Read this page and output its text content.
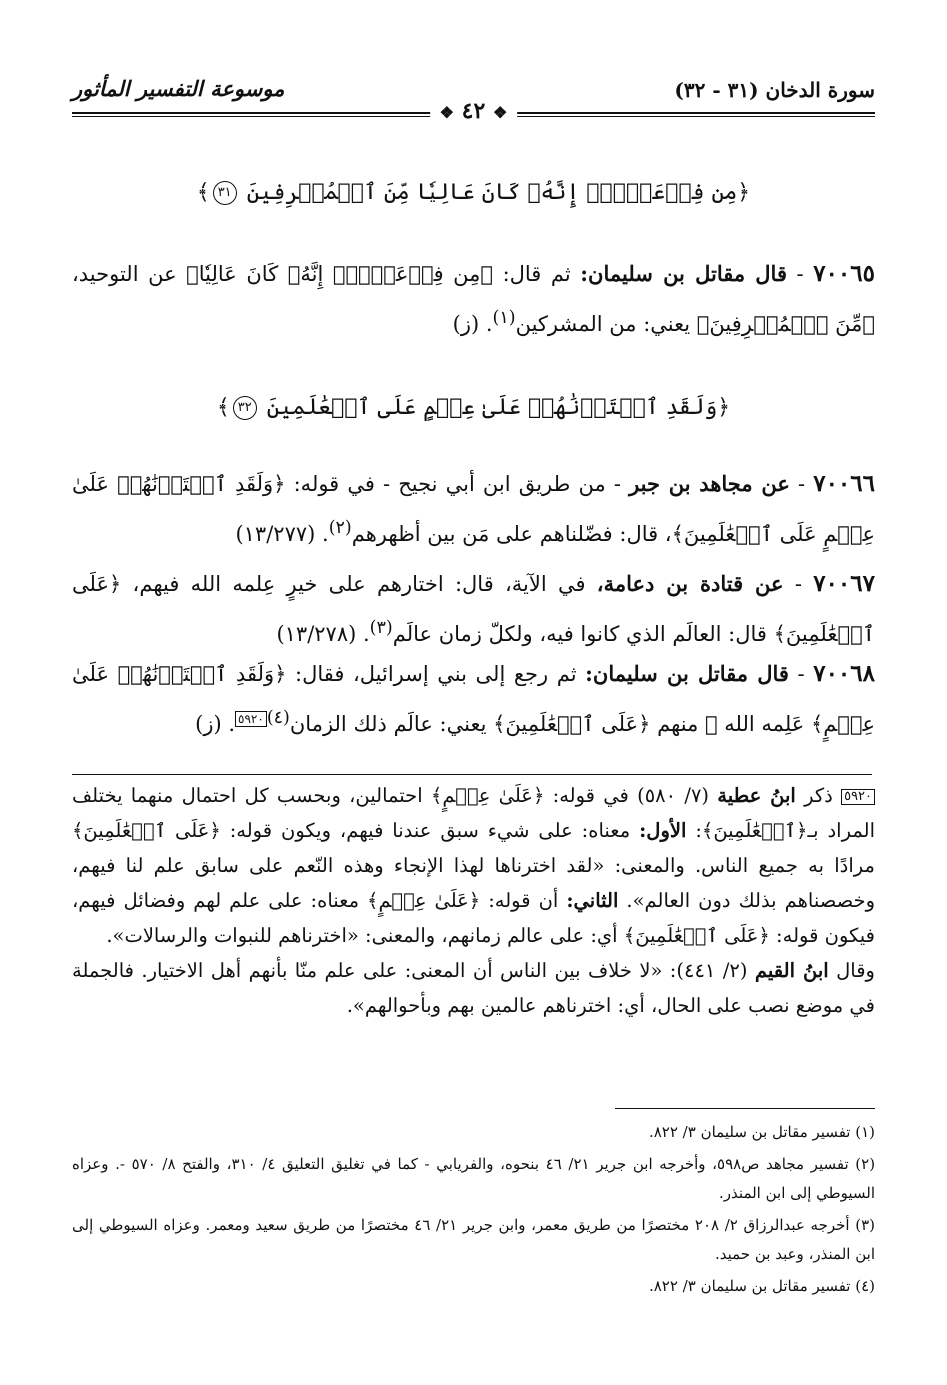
سورة الدخان (٣١ - ٣٢)
موسوعة التفسير المأثور
❖ ٤٢ ❖
﴿مِن فِرۡعَوۡنَۚ إِنَّهُۥ كَانَ عَالِيٗا مِّنَ ٱلۡمُسۡرِفِينَ ٣١﴾
٧٠٠٦٥ - قال مقاتل بن سليمان: ثم قال: ﴿مِن فِرۡعَوۡنَۚ إِنَّهُۥ كَانَ عَالِيٗا﴾ عن التوحيد، ﴿مِّنَ ٱلۡمُسۡرِفِينَ﴾ يعني: من المشركين$^{(١)}$. (ز)
﴿وَلَقَدِ ٱخۡتَرۡنَٰهُمۡ عَلَىٰ عِلۡمٍ عَلَى ٱلۡعَٰلَمِينَ ٣٢﴾
٧٠٠٦٦ - عن مجاهد بن جبر - من طريق ابن أبي نجيح - في قوله: ﴿وَلَقَدِ ٱخۡتَرۡنَٰهُمۡ عَلَىٰ عِلۡمٍ عَلَى ٱلۡعَٰلَمِينَ﴾، قال: فضّلناهم على مَن بين أظهرهم$^{(٢)}$. (١٣/٢٧٧)
٧٠٠٦٧ - عن قتادة بن دعامة، في الآية، قال: اختارهم على خيرٍ عِلمه الله فيهم، ﴿عَلَى ٱلۡعَٰلَمِينَ﴾ قال: العالَم الذي كانوا فيه، ولكلّ زمان عالَم$^{(٣)}$. (١٣/٢٧٨)
٧٠٠٦٨ - قال مقاتل بن سليمان: ثم رجع إلى بني إسرائيل، فقال: ﴿وَلَقَدِ ٱخۡتَرۡنَٰهُمۡ عَلَىٰ عِلۡمٍ﴾ عَلِمه الله ﷻ منهم ﴿عَلَى ٱلۡعَٰلَمِينَ﴾ يعني: عالَم ذلك الزمان$^{(٤)}$٥٩٢٠. (ز)

٥٩٢٠ ذكر ابنُ عطية (٧/ ٥٨٠) في قوله: ﴿عَلَىٰ عِلۡمٍ﴾ احتمالين، وبحسب كل احتمال منهما يختلف المراد بـ﴿ٱلۡعَٰلَمِينَ﴾: الأول: معناه: على شيء سبق عندنا فيهم، ويكون قوله: ﴿عَلَى ٱلۡعَٰلَمِينَ﴾ مرادًا به جميع الناس. والمعنى: «لقد اخترناها لهذا الإنجاء وهذه النّعم على سابق علم لنا فيهم، وخصصناهم بذلك دون العالم». الثاني: أن قوله: ﴿عَلَىٰ عِلۡمٍ﴾ معناه: على علم لهم وفضائل فيهم، فيكون قوله: ﴿عَلَى ٱلۡعَٰلَمِينَ﴾ أي: على عالم زمانهم، والمعنى: «اخترناهم للنبوات والرسالات».

وقال ابنُ القيم (٢/ ٤٤١): «لا خلاف بين الناس أن المعنى: على علم منّا بأنهم أهل الاختيار. فالجملة في موضع نصب على الحال، أي: اخترناهم عالمين بهم وبأحوالهم».

(١) تفسير مقاتل بن سليمان ٣/ ٨٢٢.

(٢) تفسير مجاهد ص٥٩٨، وأخرجه ابن جرير ٢١/ ٤٦ بنحوه، والفريابي - كما في تغليق التعليق ٤/ ٣١٠، والفتح ٨/ ٥٧٠ -. وعزاه السيوطي إلى ابن المنذر.

(٣) أخرجه عبدالرزاق ٢/ ٢٠٨ مختصرًا من طريق معمر، وابن جرير ٢١/ ٤٦ مختصرًا من طريق سعيد ومعمر. وعزاه السيوطي إلى ابن المنذر، وعبد بن حميد.

(٤) تفسير مقاتل بن سليمان ٣/ ٨٢٢.
